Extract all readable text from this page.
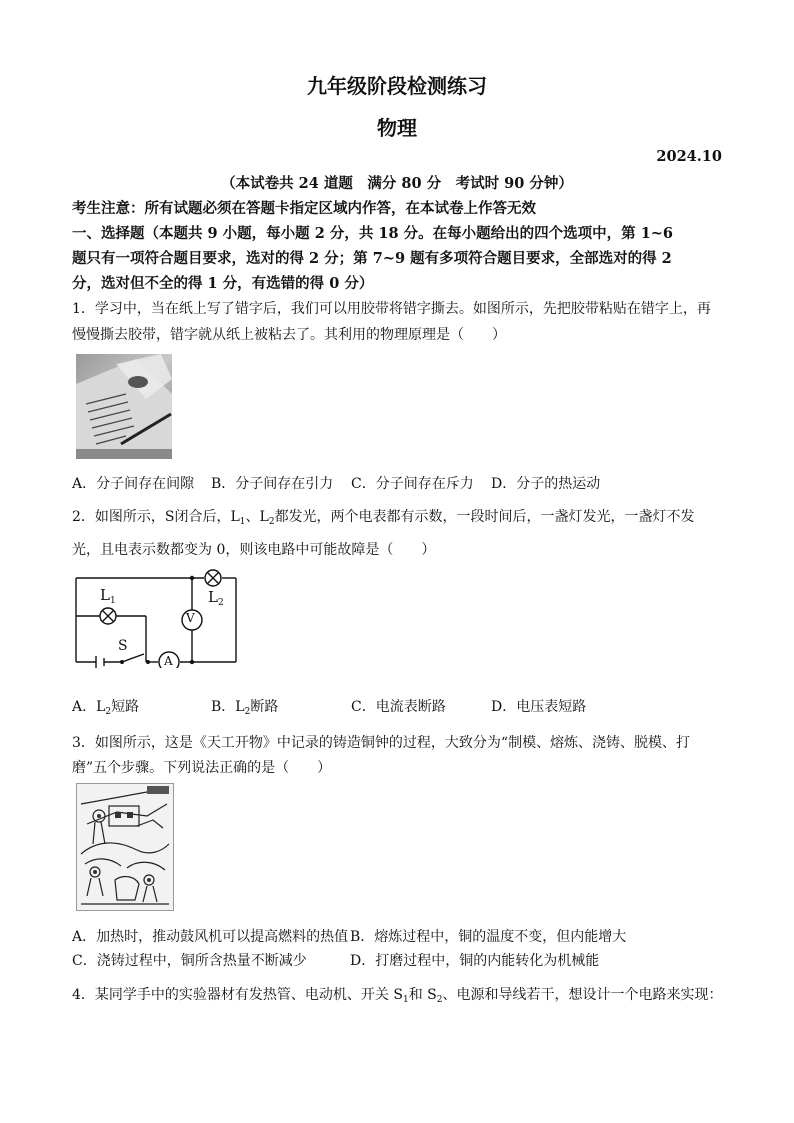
九年级阶段检测练习
物理
2024.10
（本试卷共 24 道题　满分 80 分　考试时 90 分钟）
考生注意：所有试题必须在答题卡指定区域内作答，在本试卷上作答无效
一、选择题（本题共 9 小题，每小题 2 分，共 18 分。在每小题给出的四个选项中，第 1~6
题只有一项符合题目要求，选对的得 2 分；第 7~9 题有多项符合题目要求，全部选对的得 2
分，选对但不全的得 1 分，有选错的得 0 分）
1．学习中，当在纸上写了错字后，我们可以用胶带将错字撕去。如图所示，先把胶带粘贴在错字上，再
慢慢撕去胶带，错字就从纸上被粘去了。其利用的物理原理是（　　）
A．分子间存在间隙 B．分子间存在引力 C．分子间存在斥力 D．分子的热运动
2．如图所示，S闭合后，$L_1$、$L_2$都发光，两个电表都有示数，一段时间后，一盏灯发光，一盏灯不发
光，且电表示数都变为 0，则该电路中可能故障是（　　）
$L_1$	$L_2$
S
V
A
A．$L_2$短路	B．$L_2$断路	C．电流表断路	D．电压表短路
3．如图所示，这是《天工开物》中记录的铸造铜钟的过程，大致分为“制模、熔炼、浇铸、脱模、打
磨”五个步骤。下列说法正确的是（　　）
A．加热时，推动鼓风机可以提高燃料的热值 B．熔炼过程中，铜的温度不变，但内能增大
C．浇铸过程中，铜所含热量不断减少	D．打磨过程中，铜的内能转化为机械能
4．某同学手中的实验器材有发热管、电动机、开关 $S_1$和 $S_2$、电源和导线若干，想设计一个电路来实现：
